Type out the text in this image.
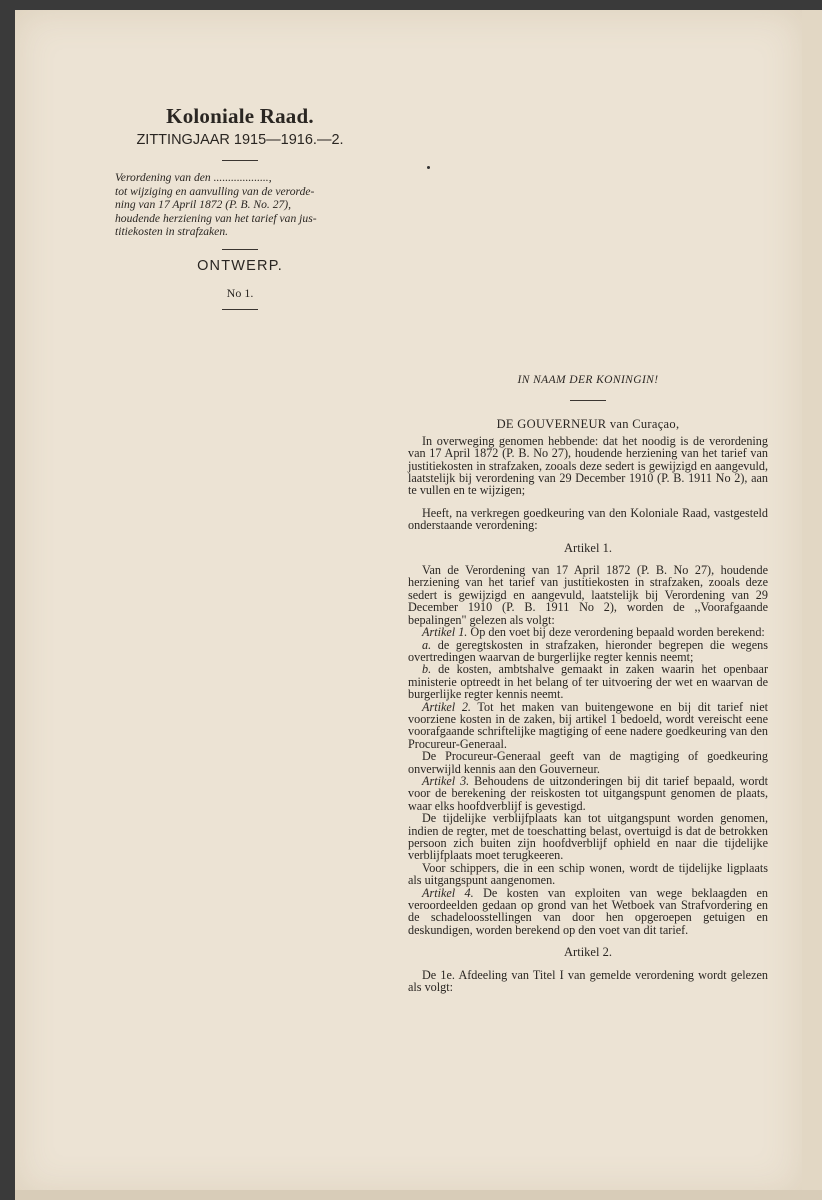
Koloniale Raad.
ZITTINGJAAR 1915—1916.—2.
Verordening van den ...................,
tot wijziging en aanvulling van de verorde-
ning van 17 April 1872 (P. B. No. 27),
houdende herziening van het tarief van jus-
titiekosten in strafzaken.
ONTWERP.
No 1.
IN NAAM DER KONINGIN!
DE GOUVERNEUR van Curaçao,

In overweging genomen hebbende: dat het noodig is de verordening van 17 April 1872 (P. B. No 27), houdende herziening van het tarief van justitiekosten in strafzaken, zooals deze sedert is gewijzigd en aangevuld, laatstelijk bij verordening van 29 December 1910 (P. B. 1911 No 2), aan te vullen en te wijzigen;

Heeft, na verkregen goedkeuring van den Koloniale Raad, vastgesteld onderstaande verordening:

Artikel 1.

Van de Verordening van 17 April 1872 (P. B. No 27), houdende herziening van het tarief van justitiekosten in strafzaken, zooals deze sedert is gewijzigd en aangevuld, laatstelijk bij Verordening van 29 December 1910 (P. B. 1911 No 2), worden de ,,Voorafgaande bepalingen" gelezen als volgt:

Artikel 1. Op den voet bij deze verordening bepaald worden berekend:

a. de geregtskosten in strafzaken, hieronder begrepen die wegens overtredingen waarvan de burgerlijke regter kennis neemt;

b. de kosten, ambtshalve gemaakt in zaken waarin het openbaar ministerie optreedt in het belang of ter uitvoering der wet en waarvan de burgerlijke regter kennis neemt.

Artikel 2. Tot het maken van buitengewone en bij dit tarief niet voorziene kosten in de zaken, bij artikel 1 bedoeld, wordt vereischt eene voorafgaande schriftelijke magtiging of eene nadere goedkeuring van den Procureur-Generaal.

De Procureur-Generaal geeft van de magtiging of goedkeuring onverwijld kennis aan den Gouverneur.

Artikel 3. Behoudens de uitzonderingen bij dit tarief bepaald, wordt voor de berekening der reiskosten tot uitgangspunt genomen de plaats, waar elks hoofdverblijf is gevestigd.

De tijdelijke verblijfplaats kan tot uitgangspunt worden genomen, indien de regter, met de toeschatting belast, overtuigd is dat de betrokken persoon zich buiten zijn hoofdverblijf ophield en naar die tijdelijke verblijfplaats moet terugkeeren.

Voor schippers, die in een schip wonen, wordt de tijdelijke ligplaats als uitgangspunt aangenomen.

Artikel 4. De kosten van exploiten van wege beklaagden en veroordeelden gedaan op grond van het Wetboek van Strafvordering en de schadeloosstellingen van door hen opgeroepen getuigen en deskundigen, worden berekend op den voet van dit tarief.

Artikel 2.

De 1e. Afdeeling van Titel I van gemelde verordening wordt gelezen als volgt:
